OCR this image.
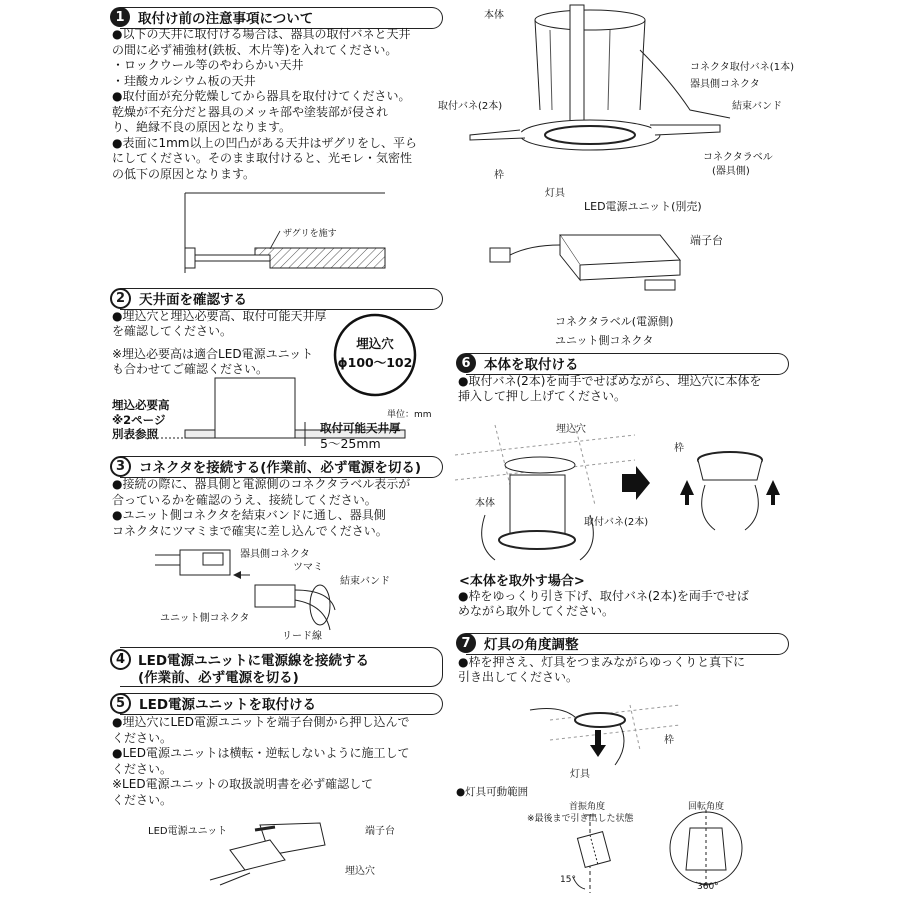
1 取付け前の注意事項について
●以下の天井に取付ける場合は、器具の取付バネと天井
の間に必ず補強材(鉄板、木片等)を入れてください。
・ロックウール等のやわらかい天井
・珪酸カルシウム板の天井
●取付面が充分乾燥してから器具を取付けてください。
乾燥が不充分だと器具のメッキ部や塗装部が侵され
り、絶縁不良の原因となります。
●表面に1mm以上の凹凸がある天井はザグリをし、平ら
にしてください。そのまま取付けると、光モレ・気密性
の低下の原因となります。
ザグリを施す
2	天井面を確認する
●埋込穴と埋込必要高、取付可能天井厚
を確認してください。
※埋込必要高は適合LED電源ユニット
も合わせてご確認ください。
埋込穴
ϕ100〜102
単位：mm
埋込必要高
※2ページ
別表参照	取付可能天井厚
5〜25mm
3	コネクタを接続する(作業前、必ず電源を切る)
●接続の際に、器具側と電源側のコネクタラベル表示が
合っているかを確認のうえ、接続してください。
●ユニット側コネクタを結束バンドに通し、器具側
コネクタにツマミまで確実に差し込んでください。
器具側コネクタ
ツマミ
結束バンド
ユニット側コネクタ
リード線
4 LED電源ユニットに電源線を接続する
(作業前、必ず電源を切る)
5	LED電源ユニットを取付ける
●埋込穴にLED電源ユニットを端子台側から押し込んで
ください。
●LED電源ユニットは横転・逆転しないように施工して
ください。
※LED電源ユニットの取扱説明書を必ず確認して
ください。
LED電源ユニット	端子台
埋込穴
本体
コネクタ取付バネ(1本)
器具側コネクタ
取付バネ(2本)	結束バンド
コネクタラベル
(器具側)
枠
灯具
LED電源ユニット(別売)
端子台
コネクタラベル(電源側)
ユニット側コネクタ
6 本体を取付ける
●取付バネ(2本)を両手でせばめながら、埋込穴に本体を
挿入して押し上げてください。
埋込穴
本体
取付バネ(2本)
枠
<本体を取外す場合>
●枠をゆっくり引き下げ、取付バネ(2本)を両手でせば
めながら取外してください。
7 灯具の角度調整
●枠を押さえ、灯具をつまみながらゆっくりと真下に
引き出してください。
枠
灯具
●灯具可動範囲
首振角度
※最後まで引き出した状態
15°
回転角度
360°
